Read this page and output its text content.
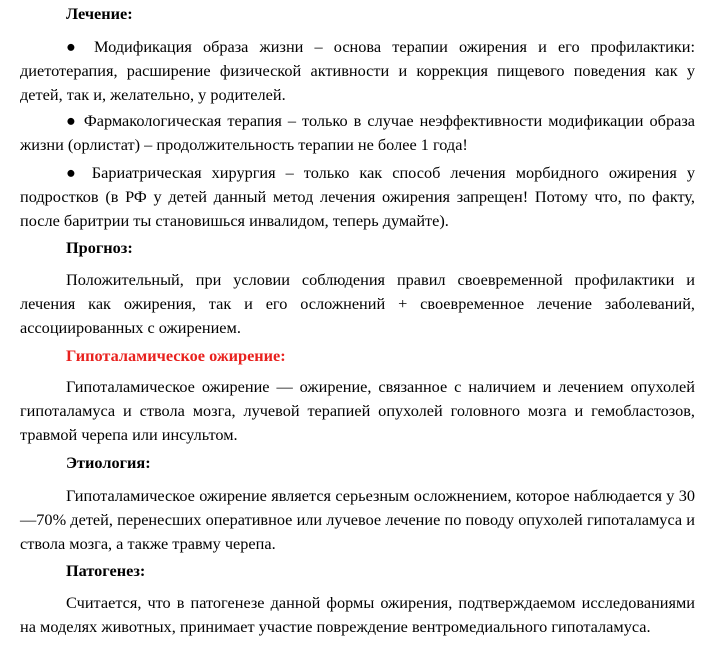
Лечение:

● Модификация образа жизни – основа терапии ожирения и его профилактики: диетотерапия, расширение физической активности и коррекция пищевого поведения как у детей, так и, желательно, у родителей.

● Фармакологическая терапия – только в случае неэффективности модификации образа жизни (орлистат) – продолжительность терапии не более 1 года!

● Бариатрическая хирургия – только как способ лечения морбидного ожирения у подростков (в РФ у детей данный метод лечения ожирения запрещен! Потому что, по факту, после баритрии ты становишься инвалидом, теперь думайте).

Прогноз:

Положительный, при условии соблюдения правил своевременной профилактики и лечения как ожирения, так и его осложнений + своевременное лечение заболеваний, ассоциированных с ожирением.

Гипоталамическое ожирение:

Гипоталамическое ожирение — ожирение, связанное с наличием и лечением опухолей гипоталамуса и ствола мозга, лучевой терапией опухолей головного мозга и гемобластозов, травмой черепа или инсультом.

Этиология:

Гипоталамическое ожирение является серьезным осложнением, которое наблюдается у 30—70% детей, перенесших оперативное или лучевое лечение по поводу опухолей гипоталамуса и ствола мозга, а также травму черепа.

Патогенез:

Считается, что в патогенезе данной формы ожирения, подтверждаемом исследованиями на моделях животных, принимает участие повреждение вентромедиального гипоталамуса.
